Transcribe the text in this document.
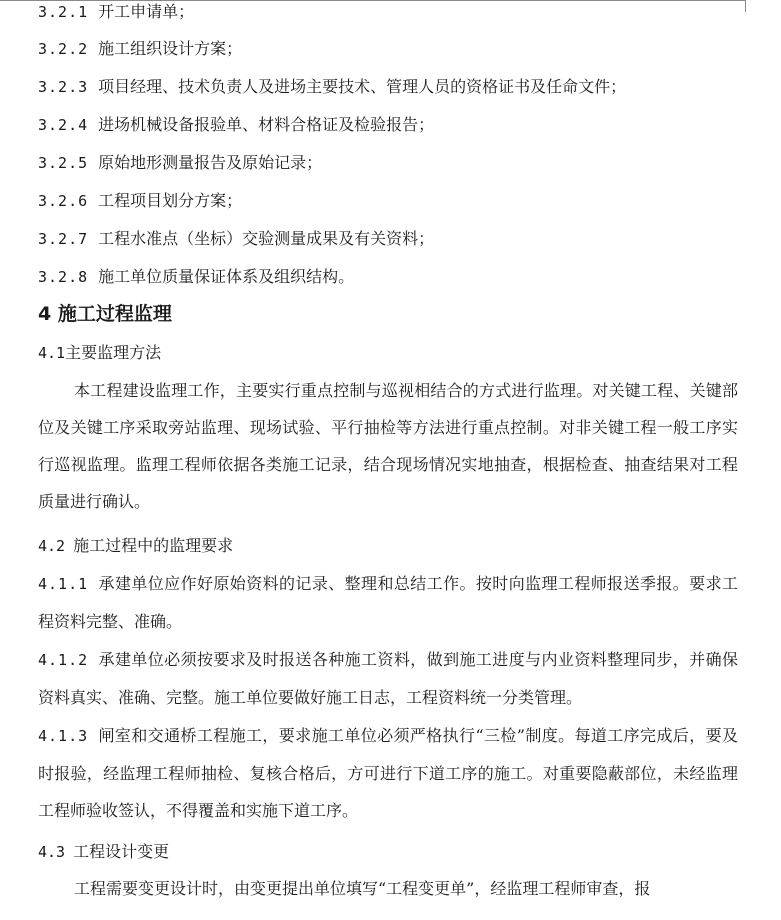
3.2.1 开工申请单；
3.2.2 施工组织设计方案；
3.2.3 项目经理、技术负责人及进场主要技术、管理人员的资格证书及任命文件；
3.2.4 进场机械设备报验单、材料合格证及检验报告；
3.2.5 原始地形测量报告及原始记录；
3.2.6 工程项目划分方案；
3.2.7 工程水准点（坐标）交验测量成果及有关资料；
3.2.8 施工单位质量保证体系及组织结构。
4 施工过程监理
4.1主要监理方法
本工程建设监理工作，主要实行重点控制与巡视相结合的方式进行监理。对关键工程、关键部位及关键工序采取旁站监理、现场试验、平行抽检等方法进行重点控制。对非关键工程一般工序实行巡视监理。监理工程师依据各类施工记录，结合现场情况实地抽查，根据检查、抽查结果对工程质量进行确认。
4.2 施工过程中的监理要求
4.1.1 承建单位应作好原始资料的记录、整理和总结工作。按时向监理工程师报送季报。要求工程资料完整、准确。
4.1.2 承建单位必须按要求及时报送各种施工资料，做到施工进度与内业资料整理同步，并确保资料真实、准确、完整。施工单位要做好施工日志，工程资料统一分类管理。
4.1.3 闸室和交通桥工程施工，要求施工单位必须严格执行“三检”制度。每道工序完成后，要及时报验，经监理工程师抽检、复核合格后，方可进行下道工序的施工。对重要隐蔽部位，未经监理工程师验收签认，不得覆盖和实施下道工序。
4.3 工程设计变更
工程需要变更设计时，由变更提出单位填写“工程变更单”，经监理工程师审查，报
